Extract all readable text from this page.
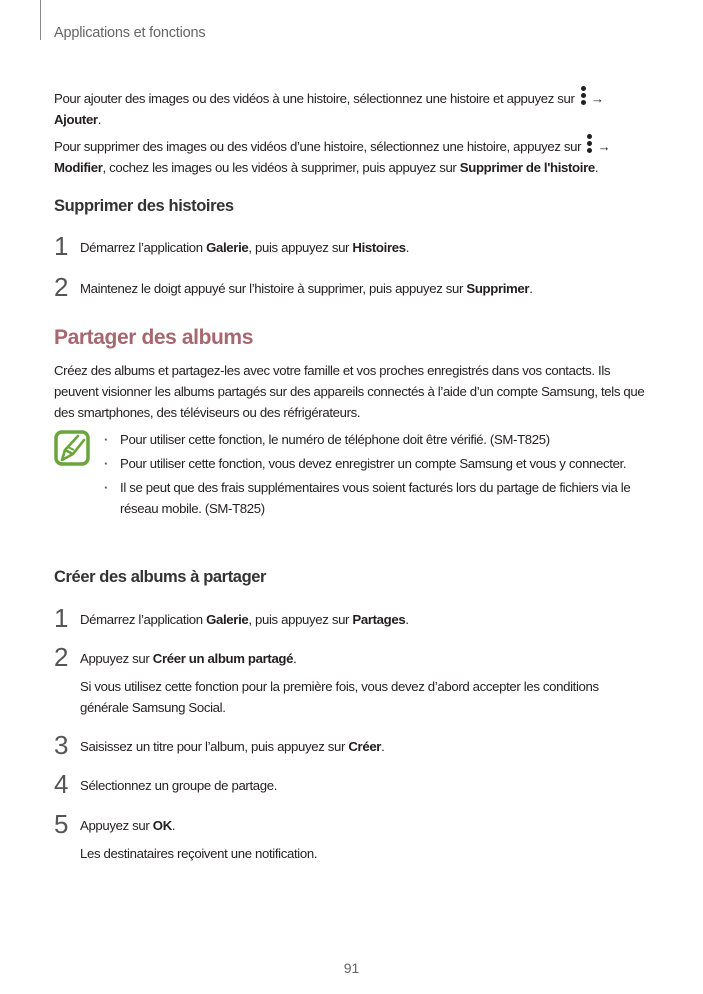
Applications et fonctions
Pour ajouter des images ou des vidéos à une histoire, sélectionnez une histoire et appuyez sur →
Ajouter.
Pour supprimer des images ou des vidéos d’une histoire, sélectionnez une histoire, appuyez sur →
Modifier, cochez les images ou les vidéos à supprimer, puis appuyez sur Supprimer de l'histoire.
Supprimer des histoires
1 Démarrez l’application Galerie, puis appuyez sur Histoires.
2 Maintenez le doigt appuyé sur l’histoire à supprimer, puis appuyez sur Supprimer.
Partager des albums
Créez des albums et partagez-les avec votre famille et vos proches enregistrés dans vos contacts. Ils peuvent visionner les albums partagés sur des appareils connectés à l’aide d’un compte Samsung, tels que des smartphones, des téléviseurs ou des réfrigérateurs.
· Pour utiliser cette fonction, le numéro de téléphone doit être vérifié. (SM-T825)
· Pour utiliser cette fonction, vous devez enregistrer un compte Samsung et vous y connecter.
· Il se peut que des frais supplémentaires vous soient facturés lors du partage de fichiers via le réseau mobile. (SM-T825)
Créer des albums à partager
1 Démarrez l’application Galerie, puis appuyez sur Partages.
2 Appuyez sur Créer un album partagé.
Si vous utilisez cette fonction pour la première fois, vous devez d’abord accepter les conditions générale Samsung Social.
3 Saisissez un titre pour l’album, puis appuyez sur Créer.
4 Sélectionnez un groupe de partage.
5 Appuyez sur OK.
Les destinataires reçoivent une notification.
91
